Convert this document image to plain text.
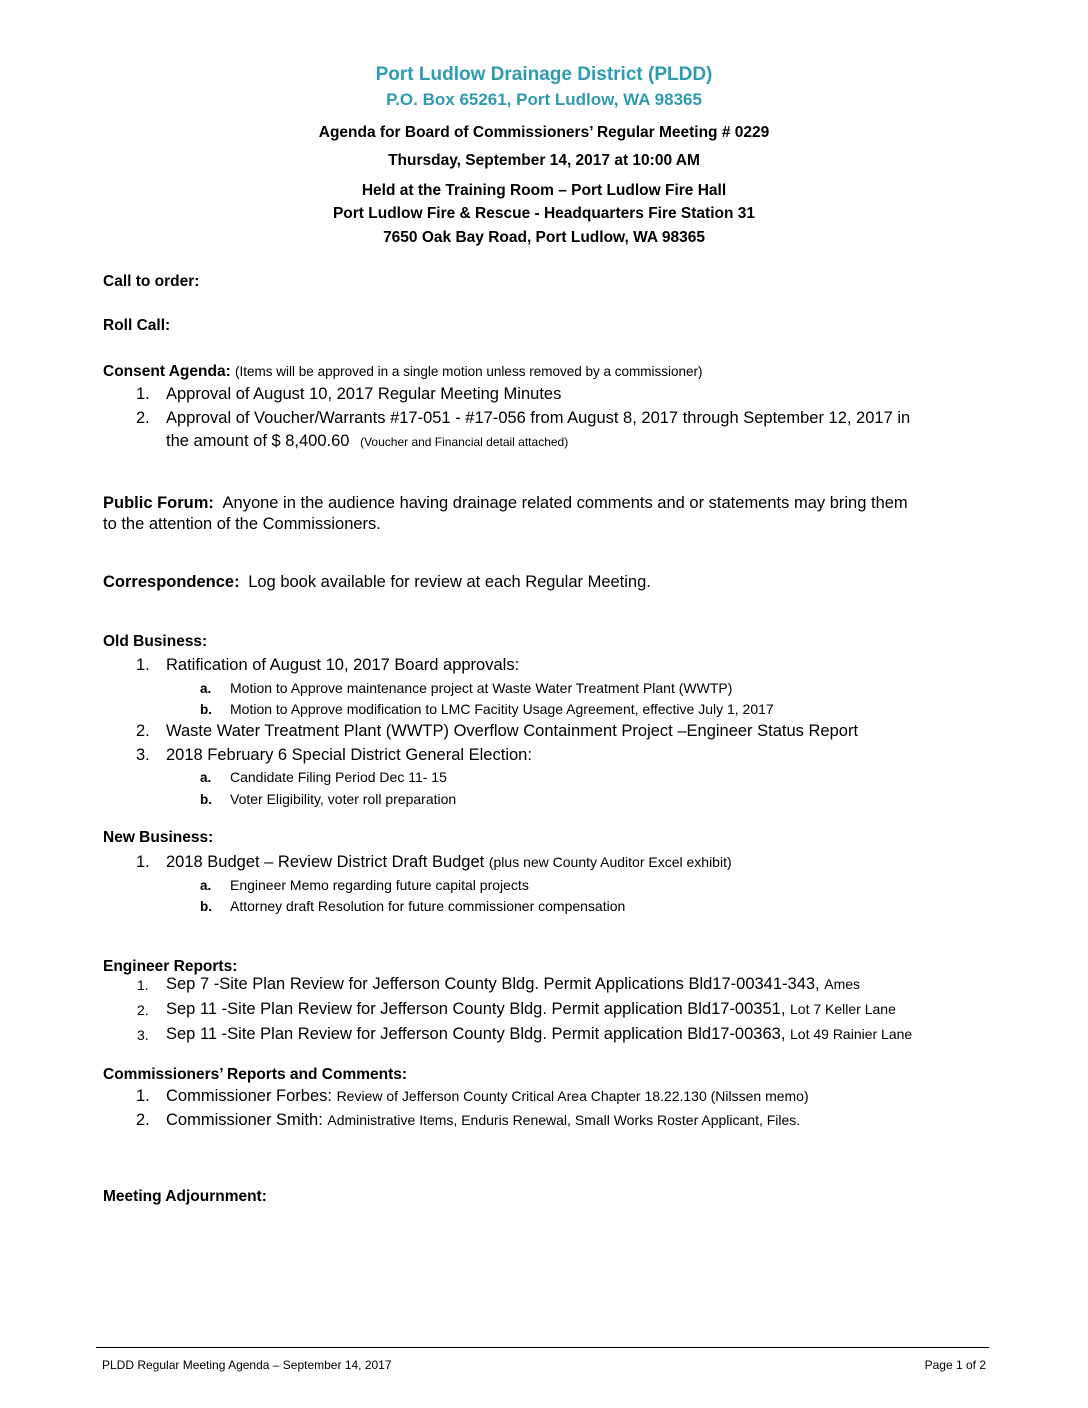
Port Ludlow Drainage District (PLDD)
P.O. Box 65261, Port Ludlow, WA 98365
Agenda for Board of Commissioners’ Regular Meeting # 0229
Thursday, September 14, 2017 at 10:00 AM
Held at the Training Room – Port Ludlow Fire Hall
Port Ludlow Fire & Rescue - Headquarters Fire Station 31
7650 Oak Bay Road, Port Ludlow, WA 98365
Call to order:
Roll Call:
Consent Agenda: (Items will be approved in a single motion unless removed by a commissioner)
1. Approval of August 10, 2017 Regular Meeting Minutes
2. Approval of Voucher/Warrants #17-051 - #17-056 from August 8, 2017 through September 12, 2017 in
the amount of $ 8,400.60 (Voucher and Financial detail attached)
Public Forum: Anyone in the audience having drainage related comments and or statements may bring them
to the attention of the Commissioners.
Correspondence: Log book available for review at each Regular Meeting.
Old Business:
1. Ratification of August 10, 2017 Board approvals:
a. Motion to Approve maintenance project at Waste Water Treatment Plant (WWTP)
b. Motion to Approve modification to LMC Facitity Usage Agreement, effective July 1, 2017
2. Waste Water Treatment Plant (WWTP) Overflow Containment Project –Engineer Status Report
3. 2018 February 6 Special District General Election:
a. Candidate Filing Period Dec 11- 15
b. Voter Eligibility, voter roll preparation
New Business:
1. 2018 Budget – Review District Draft Budget (plus new County Auditor Excel exhibit)
a. Engineer Memo regarding future capital projects
b. Attorney draft Resolution for future commissioner compensation
Engineer Reports:
1. Sep 7 -Site Plan Review for Jefferson County Bldg. Permit Applications Bld17-00341-343, Ames
2. Sep 11 -Site Plan Review for Jefferson County Bldg. Permit application Bld17-00351, Lot 7 Keller Lane
3. Sep 11 -Site Plan Review for Jefferson County Bldg. Permit application Bld17-00363, Lot 49 Rainier Lane
Commissioners’ Reports and Comments:
1. Commissioner Forbes: Review of Jefferson County Critical Area Chapter 18.22.130 (Nilssen memo)
2. Commissioner Smith: Administrative Items, Enduris Renewal, Small Works Roster Applicant, Files.
Meeting Adjournment:
PLDD Regular Meeting Agenda – September 14, 2017	Page 1 of 2
